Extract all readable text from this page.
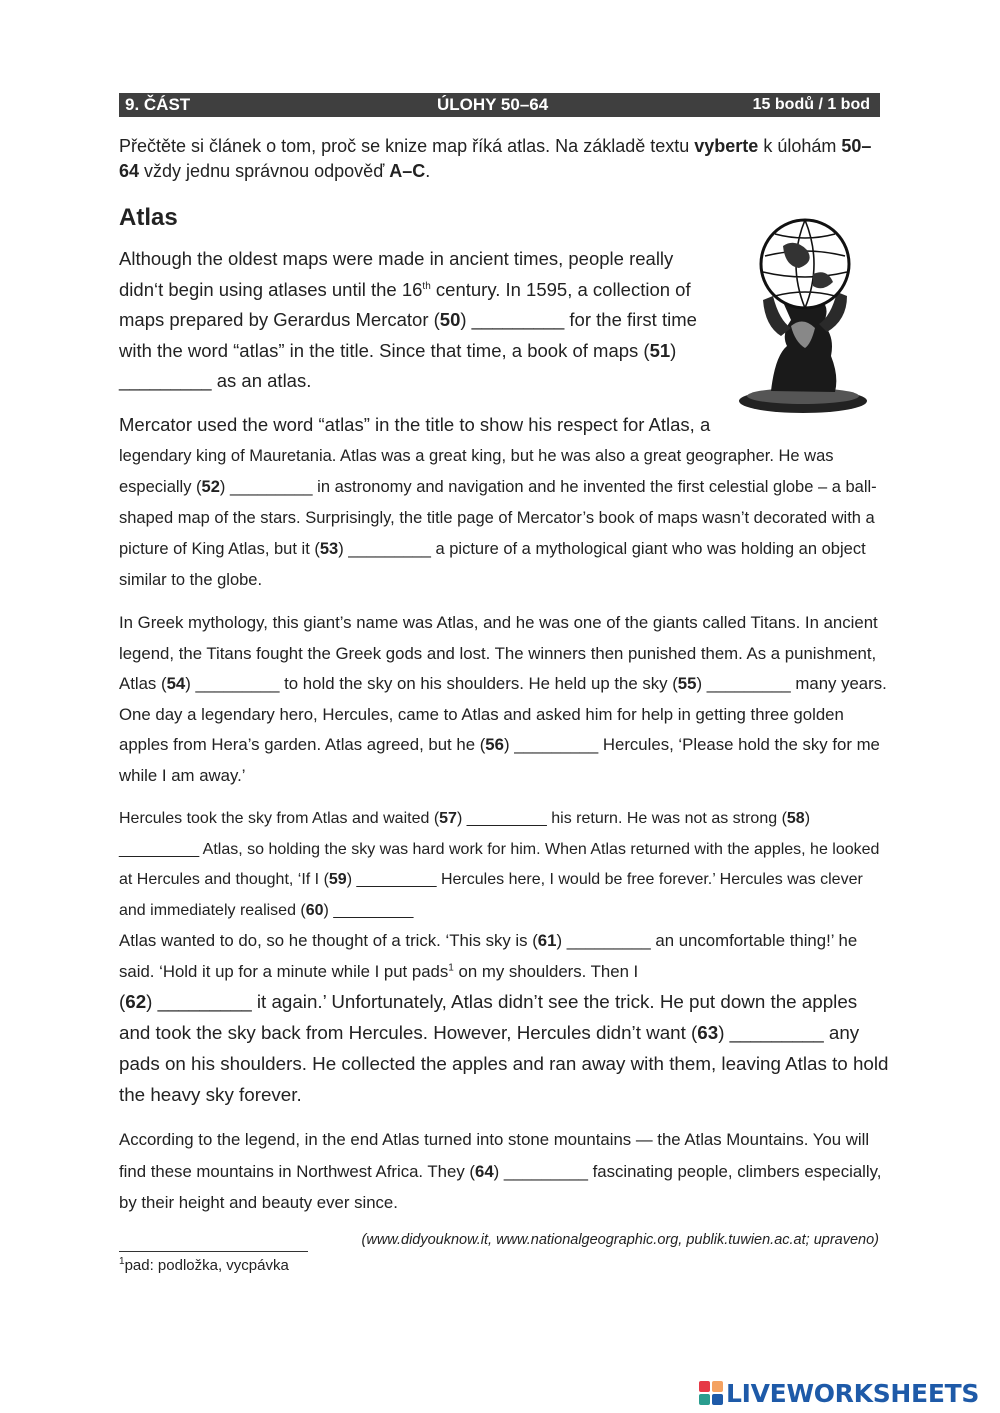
9. ČÁST	ÚLOHY 50–64	15 bodů / 1 bod
Přečtěte si článek o tom, proč se knize map říká atlas. Na základě textu vyberte k úlohám 50–64 vždy jednu správnou odpověď A–C.
Atlas
Although the oldest maps were made in ancient times, people really didn‘t begin using atlases until the 16th century. In 1595, a collection of maps prepared by Gerardus Mercator (50) _________ for the first time with the word “atlas” in the title. Since that time, a book of maps (51) _________ as an atlas.
Mercator used the word “atlas” in the title to show his respect for Atlas, a
legendary king of Mauretania. Atlas was a great king, but he was also a great geographer. He was especially (52) _________ in astronomy and navigation and he invented the first celestial globe – a ball-shaped map of the stars. Surprisingly, the title page of Mercator’s book of maps wasn’t decorated with a picture of King Atlas, but it (53) _________ a picture of a mythological giant who was holding an object similar to the globe.
In Greek mythology, this giant’s name was Atlas, and he was one of the giants called Titans. In ancient legend, the Titans fought the Greek gods and lost. The winners then punished them. As a punishment, Atlas (54) _________ to hold the sky on his shoulders. He held up the sky (55) _________ many years. One day a legendary hero, Hercules, came to Atlas and asked him for help in getting three golden apples from Hera’s garden. Atlas agreed, but he (56) _________ Hercules, ‘Please hold the sky for me while I am away.’
Hercules took the sky from Atlas and waited (57) _________ his return. He was not as strong (58) _________ Atlas, so holding the sky was hard work for him. When Atlas returned with the apples, he looked at Hercules and thought, ‘If I (59) _________ Hercules here, I would be free forever.’ Hercules was clever and immediately realised (60) _________
Atlas wanted to do, so he thought of a trick. ‘This sky is (61) _________ an uncomfortable thing!’ he said. ‘Hold it up for a minute while I put pads$^1$ on my shoulders. Then I
(62) _________ it again.’ Unfortunately, Atlas didn’t see the trick. He put down the apples and took the sky back from Hercules. However, Hercules didn’t want (63) _________ any pads on his shoulders. He collected the apples and ran away with them, leaving Atlas to hold the heavy sky forever.
According to the legend, in the end Atlas turned into stone mountains — the Atlas Mountains. You will find these mountains in Northwest Africa. They (64) _________ fascinating people, climbers especially, by their height and beauty ever since.
(www.didyouknow.it, www.nationalgeographic.org, publik.tuwien.ac.at; upraveno)
$^1$pad: podložka, vycpávka
LIVEWORKSHEETS
